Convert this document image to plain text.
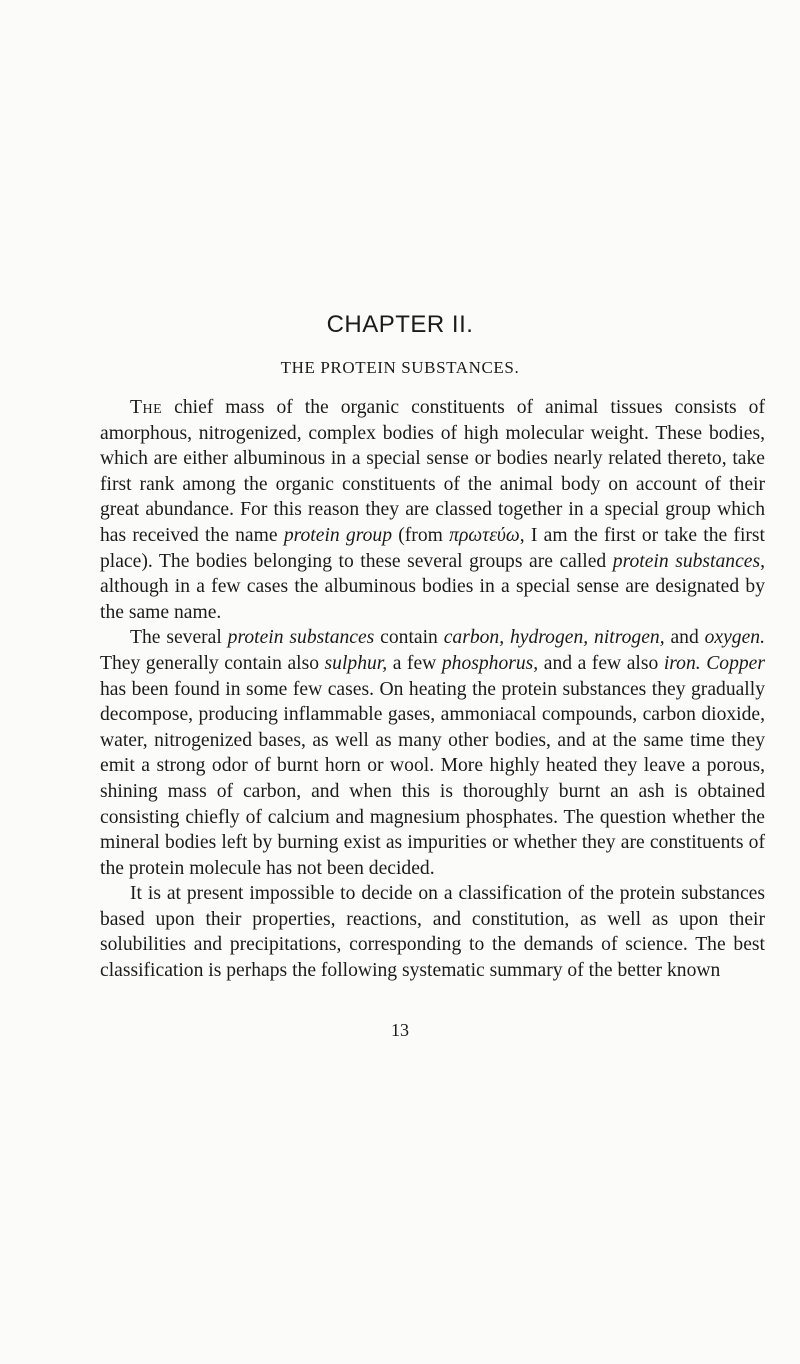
CHAPTER II.
THE PROTEIN SUBSTANCES.

The chief mass of the organic constituents of animal tissues consists of amorphous, nitrogenized, complex bodies of high molecular weight. These bodies, which are either albuminous in a special sense or bodies nearly related thereto, take first rank among the organic constituents of the animal body on account of their great abundance. For this reason they are classed together in a special group which has received the name protein group (from πρωτεύω, I am the first or take the first place). The bodies belonging to these several groups are called protein substances, although in a few cases the albuminous bodies in a special sense are designated by the same name.

The several protein substances contain carbon, hydrogen, nitrogen, and oxygen. They generally contain also sulphur, a few phosphorus, and a few also iron. Copper has been found in some few cases. On heating the protein substances they gradually decompose, producing inflammable gases, ammoniacal compounds, carbon dioxide, water, nitrogenized bases, as well as many other bodies, and at the same time they emit a strong odor of burnt horn or wool. More highly heated they leave a porous, shining mass of carbon, and when this is thoroughly burnt an ash is obtained consisting chiefly of calcium and magnesium phosphates. The question whether the mineral bodies left by burning exist as impurities or whether they are constituents of the protein molecule has not been decided.

It is at present impossible to decide on a classification of the protein substances based upon their properties, reactions, and constitution, as well as upon their solubilities and precipitations, corresponding to the demands of science. The best classification is perhaps the following systematic summary of the better known

13
